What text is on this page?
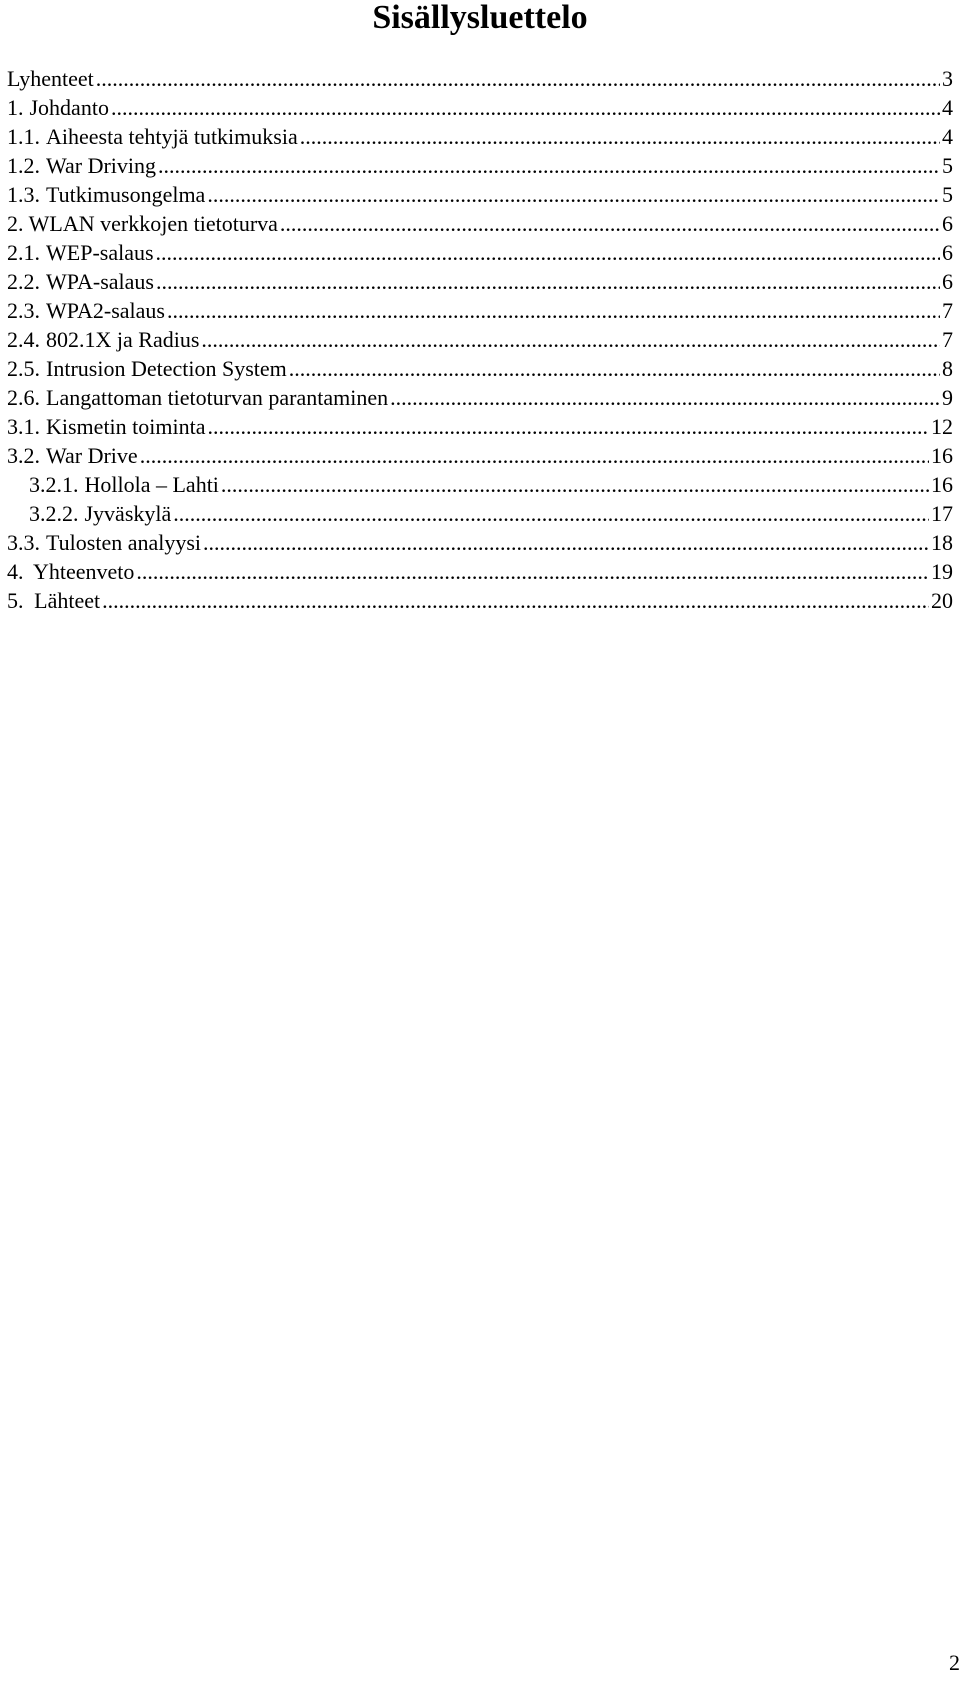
Sisällysluettelo
Lyhenteet .....	3
1. Johdanto .....	4
1.1. Aiheesta tehtyjä tutkimuksia .....	4
1.2. War Driving .....	5
1.3. Tutkimusongelma .....	5
2. WLAN verkkojen tietoturva .....	6
2.1. WEP-salaus .....	6
2.2. WPA-salaus .....	6
2.3. WPA2-salaus .....	7
2.4. 802.1X ja Radius .....	7
2.5. Intrusion Detection System .....	8
2.6. Langattoman tietoturvan parantaminen .....	9
3.1. Kismetin toiminta .....	12
3.2. War Drive .....	16
3.2.1. Hollola – Lahti .....	16
3.2.2. Jyväskylä .....	17
3.3. Tulosten analyysi .....	18
4. Yhteenveto .....	19
5. Lähteet .....	20
2
